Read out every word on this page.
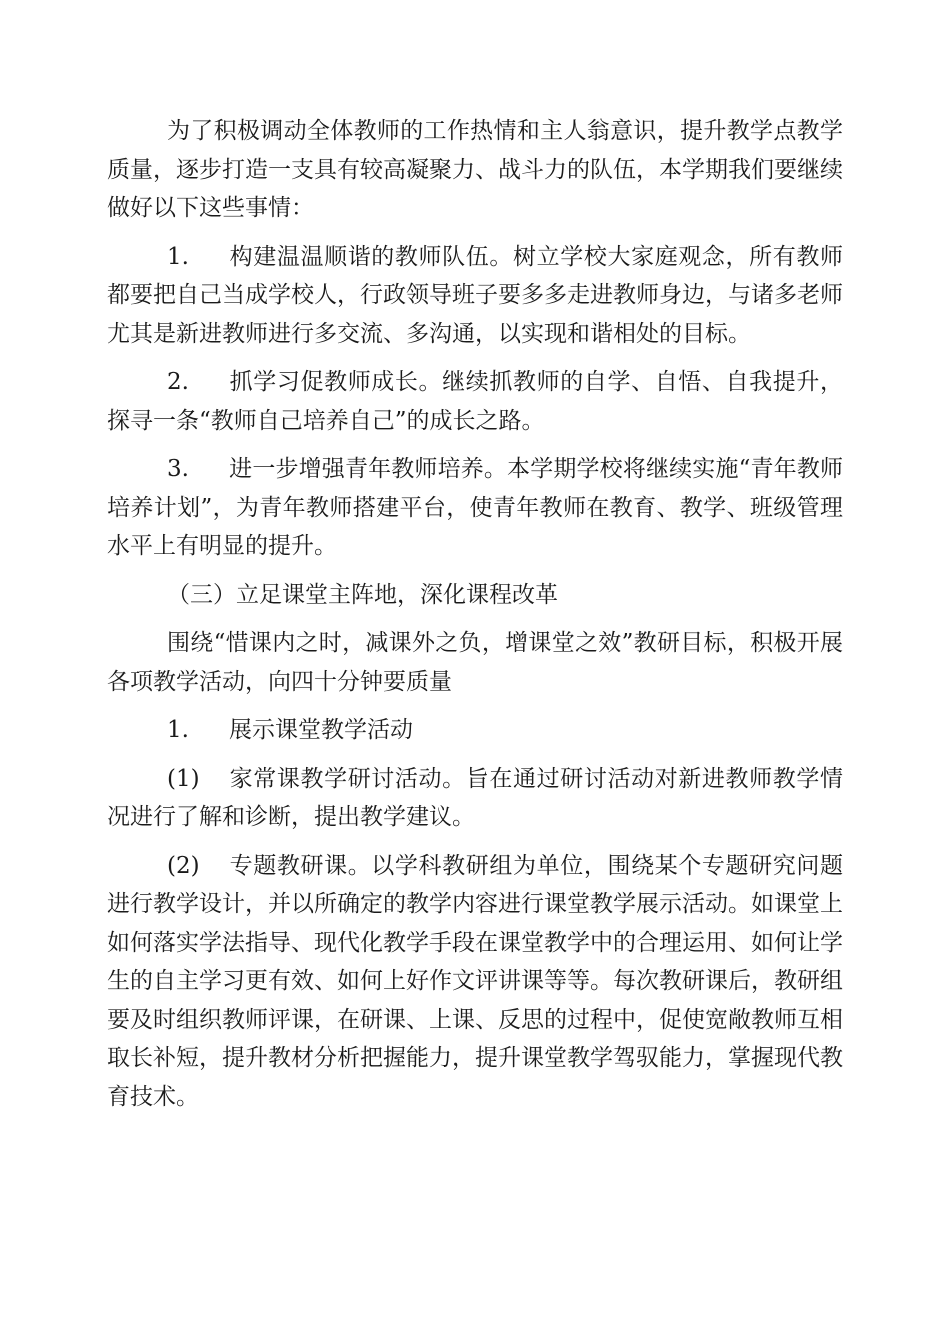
为了积极调动全体教师的工作热情和主人翁意识，提升教学点教学质量，逐步打造一支具有较高凝聚力、战斗力的队伍，本学期我们要继续做好以下这些事情：

1. 构建温温顺谐的教师队伍。树立学校大家庭观念，所有教师都要把自己当成学校人，行政领导班子要多多走进教师身边，与诸多老师尤其是新进教师进行多交流、多沟通，以实现和谐相处的目标。

2. 抓学习促教师成长。继续抓教师的自学、自悟、自我提升，探寻一条“教师自己培养自己”的成长之路。

3. 进一步增强青年教师培养。本学期学校将继续实施“青年教师培养计划”，为青年教师搭建平台，使青年教师在教育、教学、班级管理水平上有明显的提升。

（三）立足课堂主阵地，深化课程改革

围绕“惜课内之时，减课外之负，增课堂之效”教研目标，积极开展各项教学活动，向四十分钟要质量

1. 展示课堂教学活动

(1) 家常课教学研讨活动。旨在通过研讨活动对新进教师教学情况进行了解和诊断，提出教学建议。

(2) 专题教研课。以学科教研组为单位，围绕某个专题研究问题进行教学设计，并以所确定的教学内容进行课堂教学展示活动。如课堂上如何落实学法指导、现代化教学手段在课堂教学中的合理运用、如何让学生的自主学习更有效、如何上好作文评讲课等等。每次教研课后，教研组要及时组织教师评课，在研课、上课、反思的过程中，促使宽敞教师互相取长补短，提升教材分析把握能力，提升课堂教学驾驭能力，掌握现代教育技术。
